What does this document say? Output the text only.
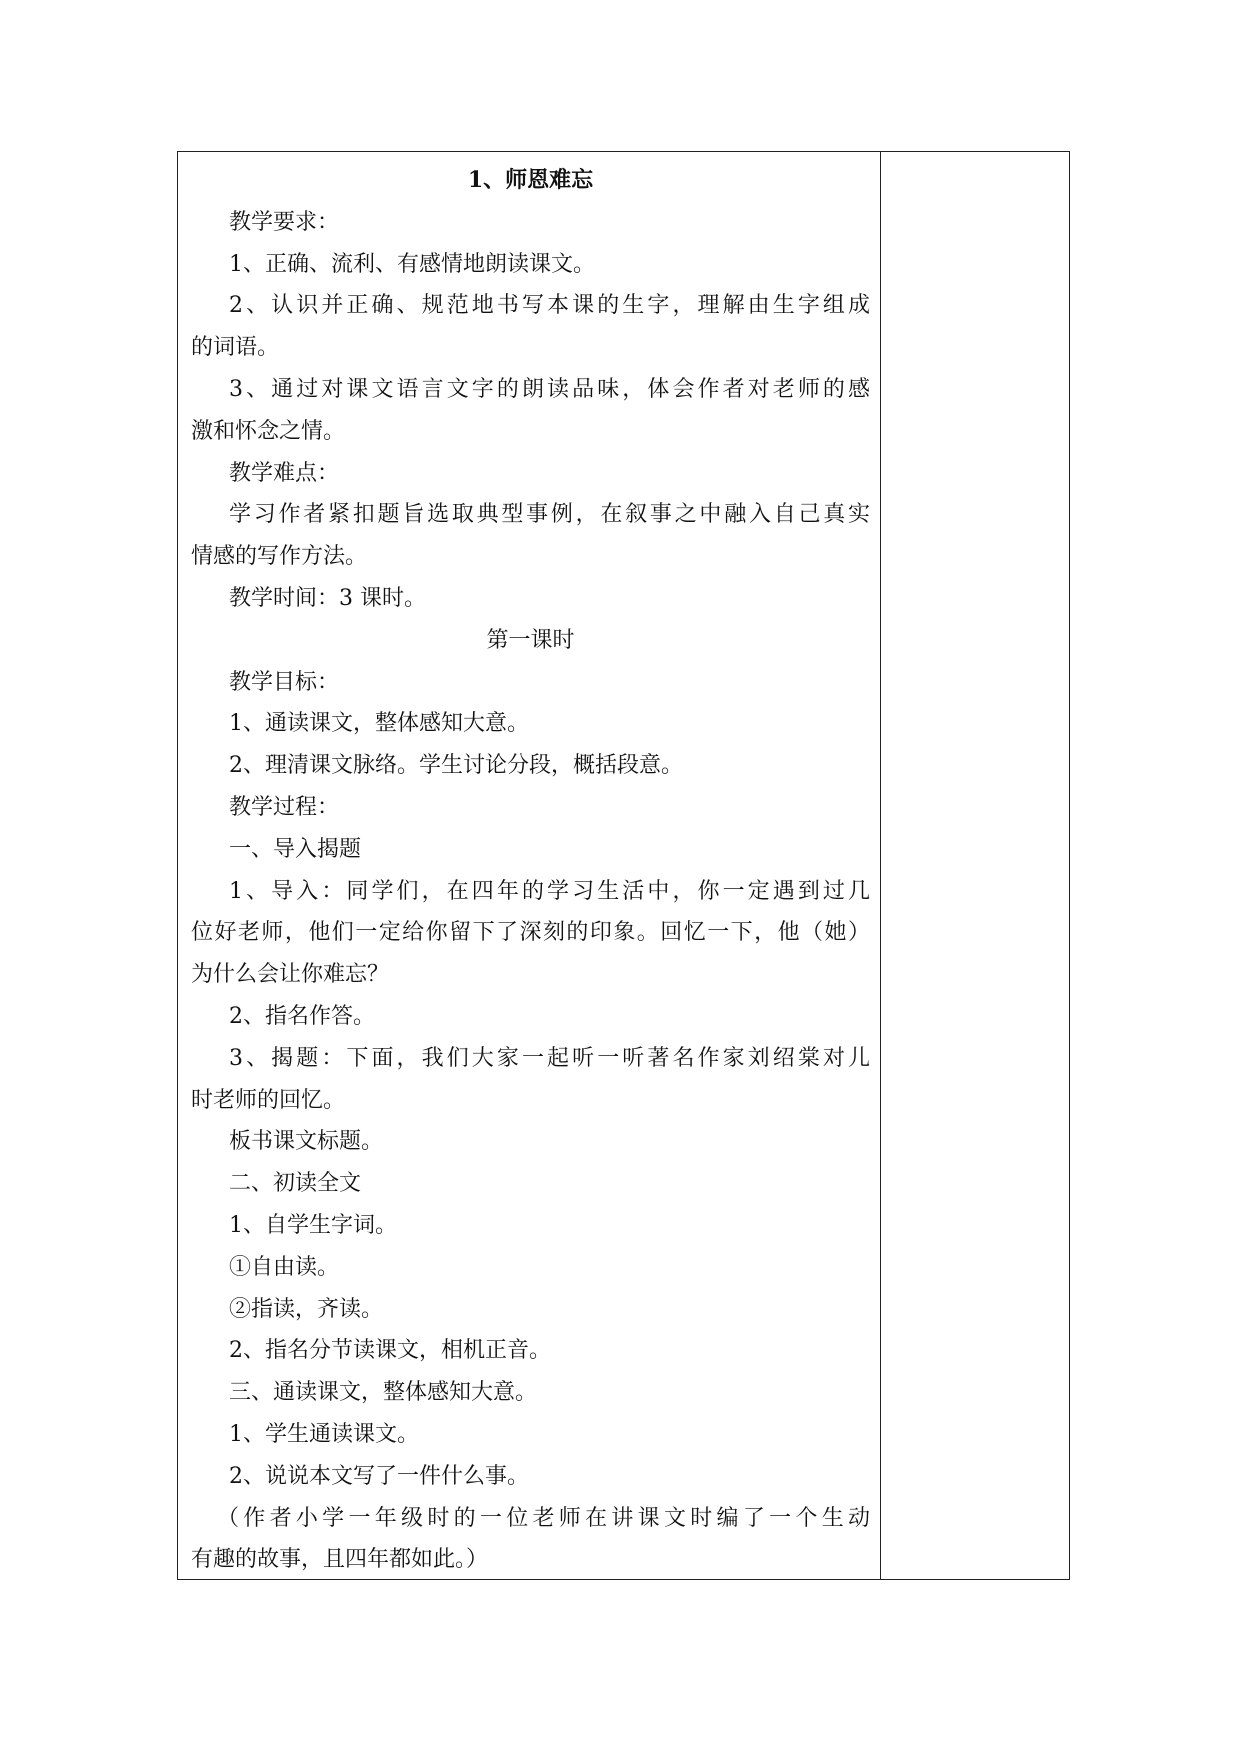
1、师恩难忘
教学要求：
1、正确、流利、有感情地朗读课文。
2、认识并正确、规范地书写本课的生字，理解由生字组成
的词语。
3、通过对课文语言文字的朗读品味，体会作者对老师的感
激和怀念之情。
教学难点：
学习作者紧扣题旨选取典型事例，在叙事之中融入自己真实
情感的写作方法。
教学时间：3 课时。
第一课时
教学目标：
1、通读课文，整体感知大意。
2、理清课文脉络。学生讨论分段，概括段意。
教学过程：
一、导入揭题
1、导入：同学们，在四年的学习生活中，你一定遇到过几
位好老师，他们一定给你留下了深刻的印象。回忆一下，他（她）
为什么会让你难忘？
2、指名作答。
3、揭题：下面，我们大家一起听一听著名作家刘绍棠对儿
时老师的回忆。
板书课文标题。
二、初读全文
1、自学生字词。
①自由读。
②指读，齐读。
2、指名分节读课文，相机正音。
三、通读课文，整体感知大意。
1、学生通读课文。
2、说说本文写了一件什么事。
（作者小学一年级时的一位老师在讲课文时编了一个生动
有趣的故事，且四年都如此。）
